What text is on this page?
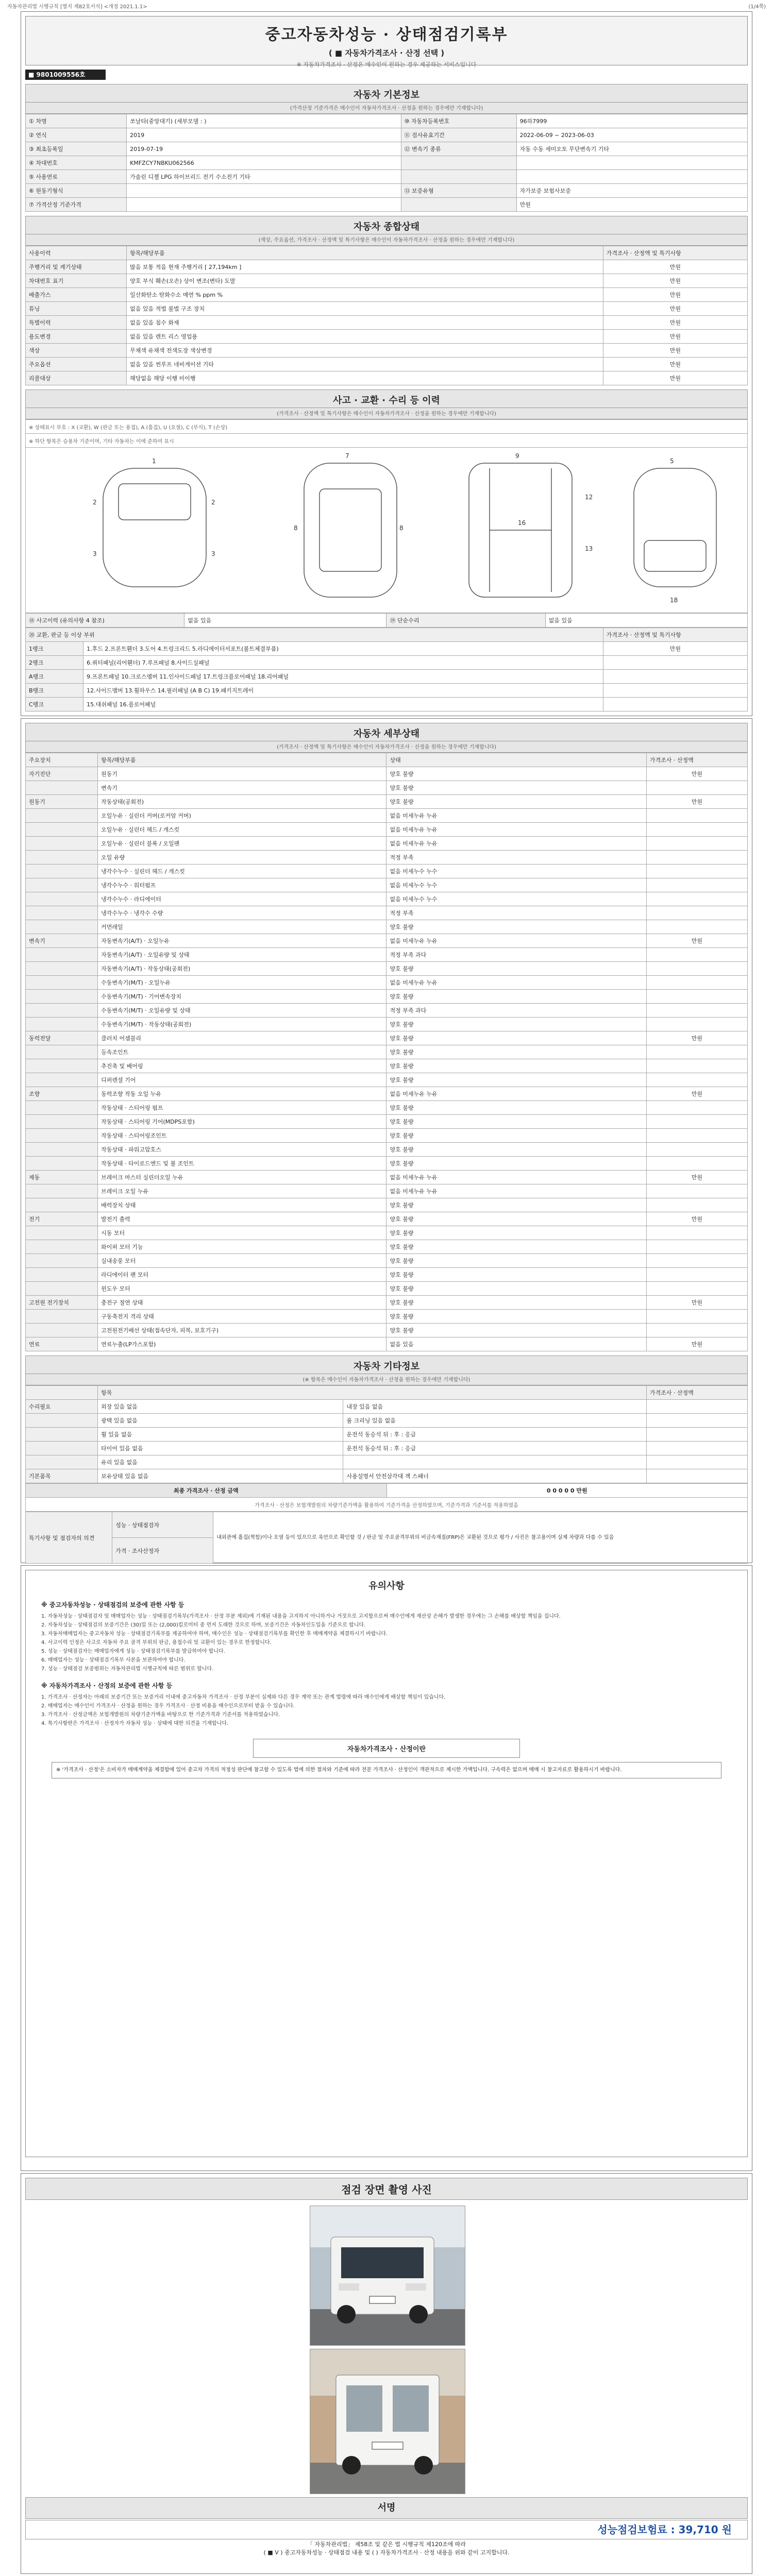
자동차관리법 시행규칙 [별지 제82호서식] <개정 2021.1.1>	(1/4쪽)
중고자동차성능 · 상태점검기록부
( ■ 자동차가격조사 · 산정 선택 )
※ 자동차가격조사 · 산정은 매수인이 원하는 경우 제공하는 서비스입니다
■ 9801009556호
자동차 기본정보
(가격산정 기준가격은 매수인이 자동차가격조사 · 산정을 원하는 경우에만 기재합니다)
① 차명	쏘날타(중앙대기) (세부모델 : )	⑩ 자동차등록번호	96하7999
② 연식	2019	⑪ 검사유효기간	2022-06-09 ~ 2023-06-03
③ 최초등록일	2019-07-19	⑫ 변속기 종류	자동 수동 세미오토 무단변속기 기타
④ 차대번호	KMFZCY7NBKU062566		
⑤ 사용연료	가솔린 디젤 LPG 하이브리드 전기 수소전기 기타		
⑥ 원동기형식		⑬ 보증유형	자가보증 보험사보증
⑦ 가격산정 기준가격			만원
자동차 종합상태
(색상, 주요옵션, 가격조사 · 산정액 및 특기사항은 매수인이 자동차가격조사 · 산정을 원하는 경우에만 기재합니다)
사용이력	항목/해당부품	가격조사 · 산정액 및 특기사항
주행거리 및 계기상태	많음 보통 적음 현재 주행거리 [ 27,194km ]	만원
차대번호 표기	양호 부식 훼손(오손) 상이 변조(변타) 도말	만원
배출가스	일산화탄소 탄화수소 매연 % ppm %	만원
튜닝	없음 있음 적법 불법 구조 장치	만원
특별이력	없음 있음 침수 화재	만원
용도변경	없음 있음 렌트 리스 영업용	만원
색상	무채색 유채색 전색도장 색상변경	만원
주요옵션	없음 있음 썬루프 네비게이션 기타	만원
리콜대상	해당없음 해당 이행 미이행	만원
사고 · 교환 · 수리 등 이력
(가격조사 · 산정액 및 특기사항은 매수인이 자동차가격조사 · 산정을 원하는 경우에만 기재합니다)
※ 상태표시 부호 : X (교환), W (판금 또는 용접), A (흠집), U (요철), C (부식), T (손상)
※ 하단 항목은 승용차 기준이며, 기타 자동차는 이에 준하여 표시
1
2	2
3	3
7
8
8
9
16
12
13
5
18
⑱ 사고이력 (유의사항 4 참조)	없음 있음	⑲ 단순수리	없음 있음
⑳ 교환, 판금 등 이상 부위		가격조사 · 산정액 및 특기사항
1랭크	1.후드 2.프론트휀더 3.도어 4.트렁크리드 5.라디에이터서포트(볼트체결부품)	만원
2랭크	6.쿼터패널(리어휀더) 7.루프패널 8.사이드실패널	
A랭크	9.프론트패널 10.크로스멤버 11.인사이드패널 17.트렁크플로어패널 18.리어패널	
B랭크	12.사이드멤버 13.휠하우스 14.필러패널 (A B C) 19.패키지트레이	
C랭크	15.대쉬패널 16.플로어패널	
자동차 세부상태
(가격조사 · 산정액 및 특기사항은 매수인이 자동차가격조사 · 산정을 원하는 경우에만 기재합니다)
주요장치	항목/해당부품	상태	가격조사 · 산정액
자기진단	원동기	양호 불량	만원
	변속기	양호 불량	
원동기	작동상태(공회전)	양호 불량	만원
	오일누유 · 실린더 커버(로커암 커버)	없음 미세누유 누유	
	오일누유 · 실린더 헤드 / 개스킷	없음 미세누유 누유	
	오일누유 · 실린더 블록 / 오일팬	없음 미세누유 누유	
	오일 유량	적정 부족	
	냉각수누수 · 실린더 헤드 / 개스킷	없음 미세누수 누수	
	냉각수누수 · 워터펌프	없음 미세누수 누수	
	냉각수누수 · 라디에이터	없음 미세누수 누수	
	냉각수누수 · 냉각수 수량	적정 부족	
	커먼레일	양호 불량	
변속기	자동변속기(A/T) · 오일누유	없음 미세누유 누유	만원
	자동변속기(A/T) · 오일유량 및 상태	적정 부족 과다	
	자동변속기(A/T) · 작동상태(공회전)	양호 불량	
	수동변속기(M/T) · 오일누유	없음 미세누유 누유	
	수동변속기(M/T) · 기어변속장치	양호 불량	
	수동변속기(M/T) · 오일유량 및 상태	적정 부족 과다	
	수동변속기(M/T) · 작동상태(공회전)	양호 불량	
동력전달	클러치 어셈블리	양호 불량	만원
	등속조인트	양호 불량	
	추진축 및 베어링	양호 불량	
	디퍼렌셜 기어	양호 불량	
조향	동력조향 작동 오일 누유	없음 미세누유 누유	만원
	작동상태 · 스티어링 펌프	양호 불량	
	작동상태 · 스티어링 기어(MDPS포함)	양호 불량	
	작동상태 · 스티어링조인트	양호 불량	
	작동상태 · 파워고압호스	양호 불량	
	작동상태 · 타이로드엔드 및 볼 조인트	양호 불량	
제동	브레이크 마스터 실린더오일 누유	없음 미세누유 누유	만원
	브레이크 오일 누유	없음 미세누유 누유	
	배력장치 상태	양호 불량	
전기	발전기 출력	양호 불량	만원
	시동 모터	양호 불량	
	와이퍼 모터 기능	양호 불량	
	실내송풍 모터	양호 불량	
	라디에이터 팬 모터	양호 불량	
	윈도우 모터	양호 불량	
고전원 전기장치	충전구 절연 상태	양호 불량	만원
	구동축전지 격리 상태	양호 불량	
	고전원전기배선 상태(접속단자, 피복, 보호기구)	양호 불량	
연료	연료누출(LP가스포함)	없음 있음	만원
자동차 기타정보
(※ 항목은 매수인이 자동차가격조사 · 산정을 원하는 경우에만 기재합니다)
	항목		가격조사 · 산정액
수리필요	외장 있음 없음	내장 있음 없음	
	광택 있음 없음	룸 크리닝 있음 없음	
	휠 있음 없음	운전석 동승석 뒤 : 후 : 응급	
	타이어 있음 없음	운전석 동승석 뒤 : 후 : 응급	
	유리 있음 없음		
기본품목	보유상태 있음 없음	사용설명서 안전삼각대 잭 스패너	
최종 가격조사 · 산정 금액	0 0 0 0 0 만원
가격조사 · 산정은 보험개발원의 차량기준가액을 활용하여 기준가격을 산정하였으며, 기준가격과 기준서를 적용하였음
특기사항 및 점검자의 의견	성능 · 상태점검자	내외관에 흠집(찍힘)이나 오염 등이 있으므로 육안으로 확인할 것 / 판금 및 주요골격부위의 비금속재질(FRP)은 교환된 것으로 평가 / 사진은 참고용이며 실제 차량과 다를 수 있음
가격 · 조사산정자
유의사항
※ 중고자동차성능 · 상태점검의 보증에 관한 사항 등

1. 자동차성능 · 상태점검자 및 매매업자는 성능 · 상태점검기록부(가격조사 · 산정 부분 제외)에 기재된 내용을 고지하지 아니하거나 거짓으로 고지함으로써 매수인에게 재산상 손해가 발생한 경우에는 그 손해를 배상할 책임을 집니다.

2. 자동차성능 · 상태점검의 보증기간은 (30)일 또는 (2,000)킬로미터 중 먼저 도래한 것으로 하며, 보증기간은 자동차인도일을 기준으로 합니다.

3. 자동차매매업자는 중고자동차 성능 · 상태점검기록부를 제공하여야 하며, 매수인은 성능 · 상태점검기록부를 확인한 후 매매계약을 체결하시기 바랍니다.

4. 사고이력 인정은 사고로 자동차 주요 골격 부위의 판금, 용접수리 및 교환이 있는 경우로 한정합니다.

5. 성능 · 상태점검자는 매매업자에게 성능 · 상태점검기록부를 발급하여야 합니다.

6. 매매업자는 성능 · 상태점검기록부 사본을 보관하여야 합니다.

7. 성능 · 상태점검 보증범위는 자동차관리법 시행규칙에 따른 범위로 합니다.

※ 자동차가격조사 · 산정의 보증에 관한 사항 등

1. 가격조사 · 산정자는 아래의 보증기간 또는 보증거리 이내에 중고자동차 가격조사 · 산정 부분이 실제와 다른 경우 계약 또는 관계 법령에 따라 매수인에게 배상할 책임이 있습니다.

2. 매매업자는 매수인이 가격조사 · 산정을 원하는 경우 가격조사 · 산정 비용을 매수인으로부터 받을 수 있습니다.

3. 가격조사 · 산정금액은 보험개발원의 차량기준가액을 바탕으로 한 기준가격과 기준서를 적용하였습니다.

4. 특기사항란은 가격조사 · 산정자가 자동차 성능 · 상태에 대한 의견을 기재합니다.

자동차가격조사 · 산정이란
※ '가격조사 · 산정'은 소비자가 매매계약을 체결함에 있어 중고차 가격의 적정성 판단에 참고할 수 있도록 법에 의한 절차와 기준에 따라 전문 가격조사 · 산정인이 객관적으로 제시한 가액입니다. 구속력은 없으며 매매 시 참고자료로 활용하시기 바랍니다.
점검 장면 촬영 사진
서명
성능점검보험료 : 39,710 원
「 자동차관리법」 제58조 및 같은 법 시행규칙 제120조에 따라
( ■ V ) 중고자동차성능 · 상태점검 내용 및 ( ) 자동차가격조사 · 산정 내용을 위와 같이 고지합니다.
